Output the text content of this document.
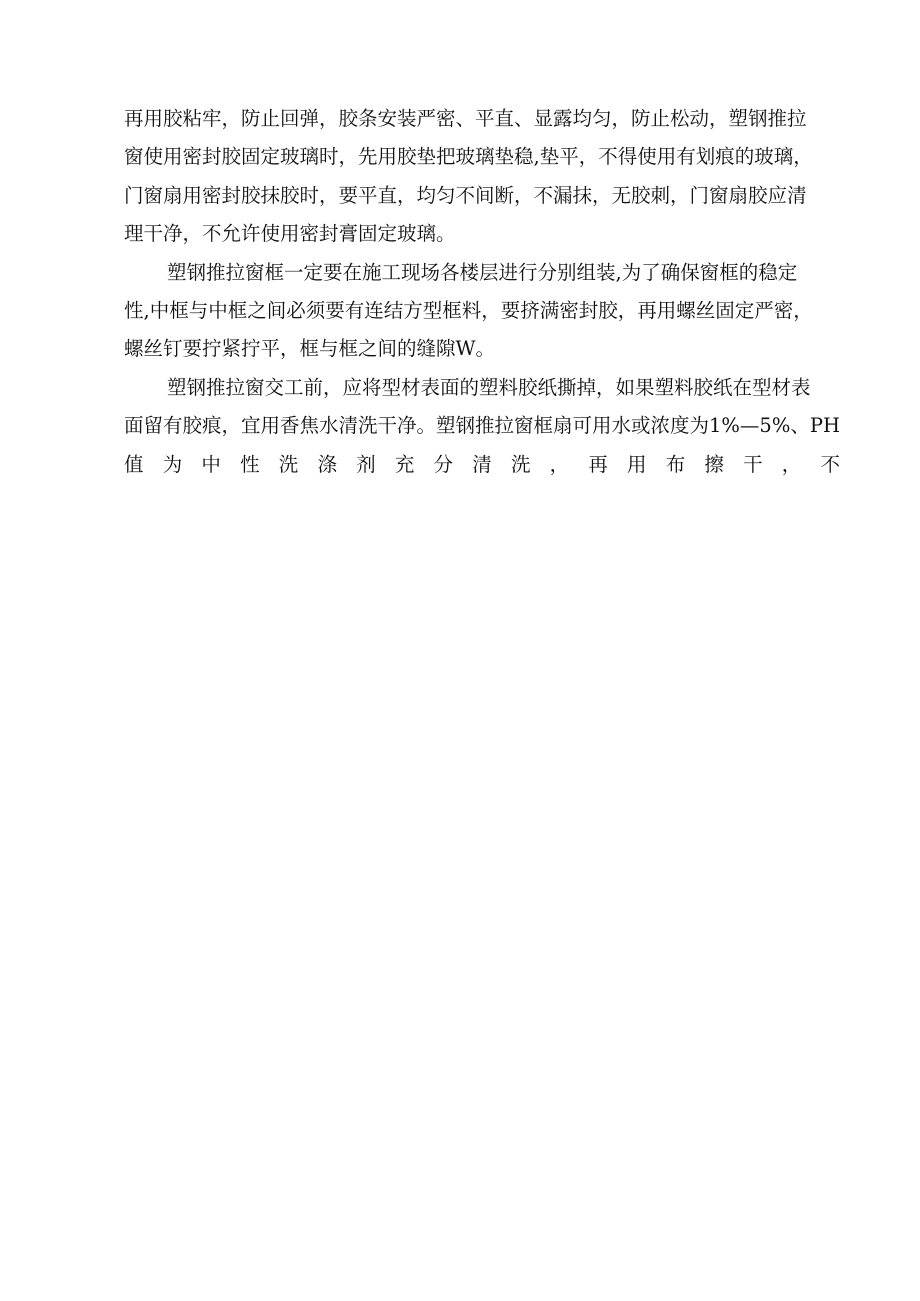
再用胶粘牢，防止回弹，胶条安装严密、平直、显露均匀，防止松动，塑钢推拉
窗使用密封胶固定玻璃时，先用胶垫把玻璃垫稳,垫平，不得使用有划痕的玻璃，
门窗扇用密封胶抹胶时，要平直，均匀不间断，不漏抹，无胶刺，门窗扇胶应清
理干净，不允许使用密封膏固定玻璃。
塑钢推拉窗框一定要在施工现场各楼层进行分别组装,为了确保窗框的稳定
性,中框与中框之间必须要有连结方型框料，要挤满密封胶，再用螺丝固定严密，
螺丝钉要拧紧拧平，框与框之间的缝隙W。
塑钢推拉窗交工前，应将型材表面的塑料胶纸撕掉，如果塑料胶纸在型材表
面留有胶痕，宜用香焦水清洗干净。塑钢推拉窗框扇可用水或浓度为1%—5%、PH
值 为 中 性 洗 涤 剂 充 分 清 洗 ， 再 用 布 擦 干 ， 不
